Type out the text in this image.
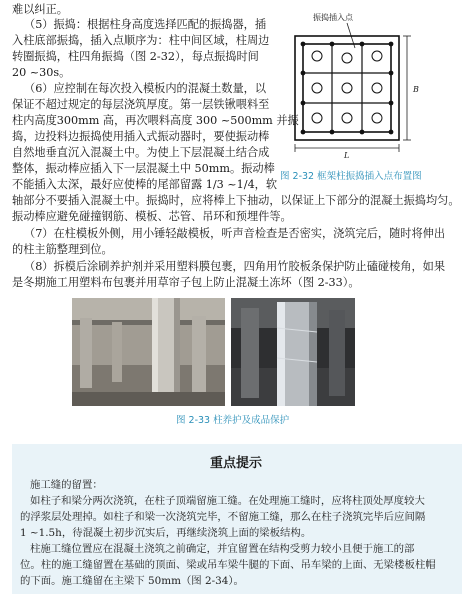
难以纠正。
（5）振捣：根据柱身高度选择匹配的振捣器，插
入柱底部振捣，插入点顺序为：柱中间区域，柱周边
转圈振捣，柱四角振捣（图 2-32），每点振捣时间
20 ~30s。
（6）应控制在每次投入模板内的混凝土数量，以
保证不超过规定的每层浇筑厚度。第一层铁锹喂料至
柱内高度300mm 高，再次喂料高度 300 ~500mm 并振
捣，边投料边振捣使用插入式振动器时，要使振动棒
自然地垂直沉入混凝土中。为使上下层混凝土结合成
整体，振动棒应插入下一层混凝土中 50mm。振动棒
不能插入太深，最好应使棒的尾部留露 1/3 ~1/4，软
轴部分不要插入混凝土中。振捣时，应将棒上下抽动，以保证上下部分的混凝土振捣均匀。
振动棒应避免碰撞钢筋、模板、芯管、吊环和预埋件等。
（7）在柱模板外侧，用小锤轻敲模板，听声音检查是否密实，浇筑完后，随时将伸出
的柱主筋整理到位。
（8）拆模后涂刷养护剂并采用塑料膜包裹，四角用竹胶板条保护防止磕碰棱角，如果
是冬期施工用塑料布包裹并用草帘子包上防止混凝土冻坏（图 2-33）。
振捣插入点
B
L
图 2-32 框架柱振捣插入点布置图
图 2-33 柱养护及成品保护
重点提示
施工缝的留置：
如柱子和梁分两次浇筑，在柱子顶端留施工缝。在处理施工缝时，应将柱顶处厚度较大
的浮浆层处理掉。如柱子和梁一次浇筑完毕，不留施工缝，那么在柱子浇筑完毕后应间隔
1 ~1.5h，待混凝土初步沉实后，再继续浇筑上面的梁板结构。
柱施工缝位置应在混凝土浇筑之前确定，并宜留置在结构受剪力较小且便于施工的部
位。柱的施工缝留置在基础的顶面、梁或吊车梁牛腿的下面、吊车梁的上面、无梁楼板柱帽
的下面。施工缝留在主梁下 50mm（图 2-34）。
